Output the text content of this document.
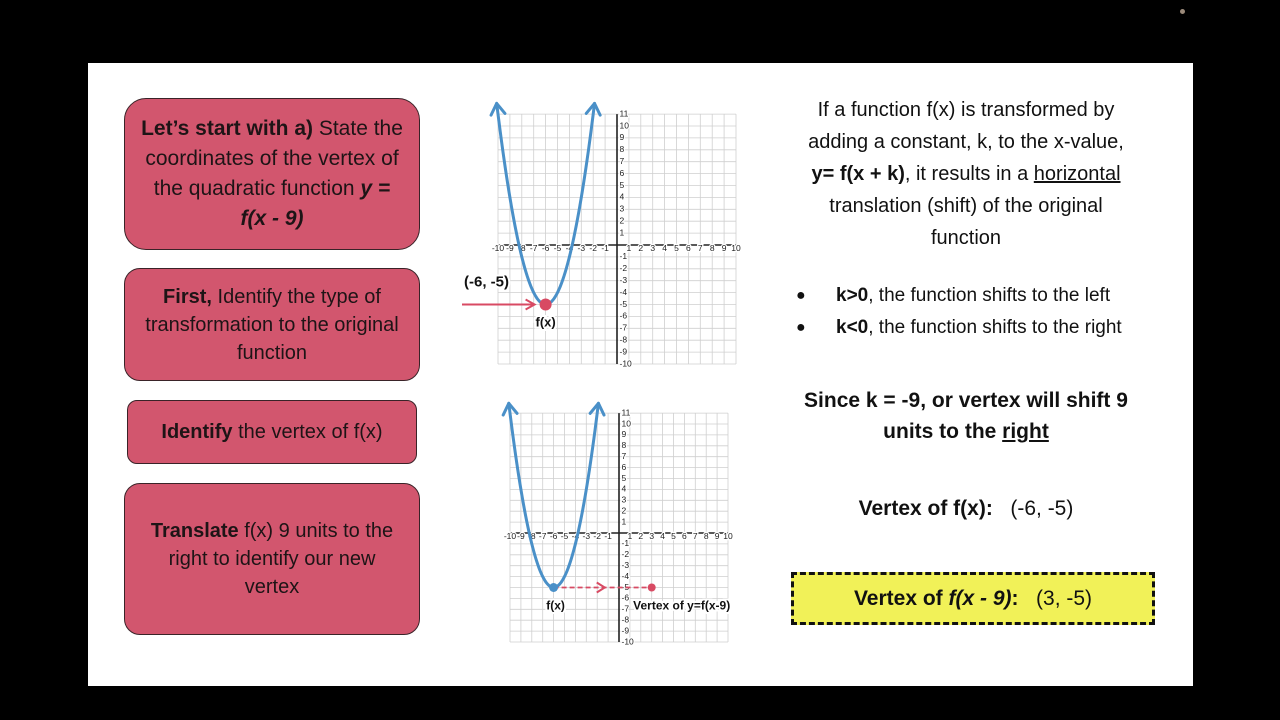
Let’s start with a) State the coordinates of the vertex of the quadratic function y = f(x - 9)
First, Identify the type of transformation to the original function
Identify the vertex of f(x)
Translate f(x) 9 units to the right to identify our new vertex
-10 -9 -8 -7 -6 -5 -4 -3 -2 -1 1 2 3 4 5 6 7 8 9 10
11
10
9
8
7
6
5
4
3
2
1
-1
-2
-3
-4
-5
-6
-7
-8
-9
-10
(-6, -5)
f(x)
-10 -9 -8 -7 -6 -5 -4 -3 -2 -1 1 2 3 4 5 6 7 8 9 10
11
10
9
8
7
6
5
4
3
2
1
-1
-2
-3
-4
-5
-6
-7
-8
-9
-10
f(x)	Vertex of y=f(x-9)
If a function f(x) is transformed by
adding a constant, k, to the x-value,
y= f(x + k), it results in a horizontal
translation (shift) of the original
function
●	k>0, the function shifts to the left
●	k<0, the function shifts to the right
Since k = -9, or vertex will shift 9
units to the right
Vertex of f(x): (-6, -5)
Vertex of f(x - 9):
(3, -5)
